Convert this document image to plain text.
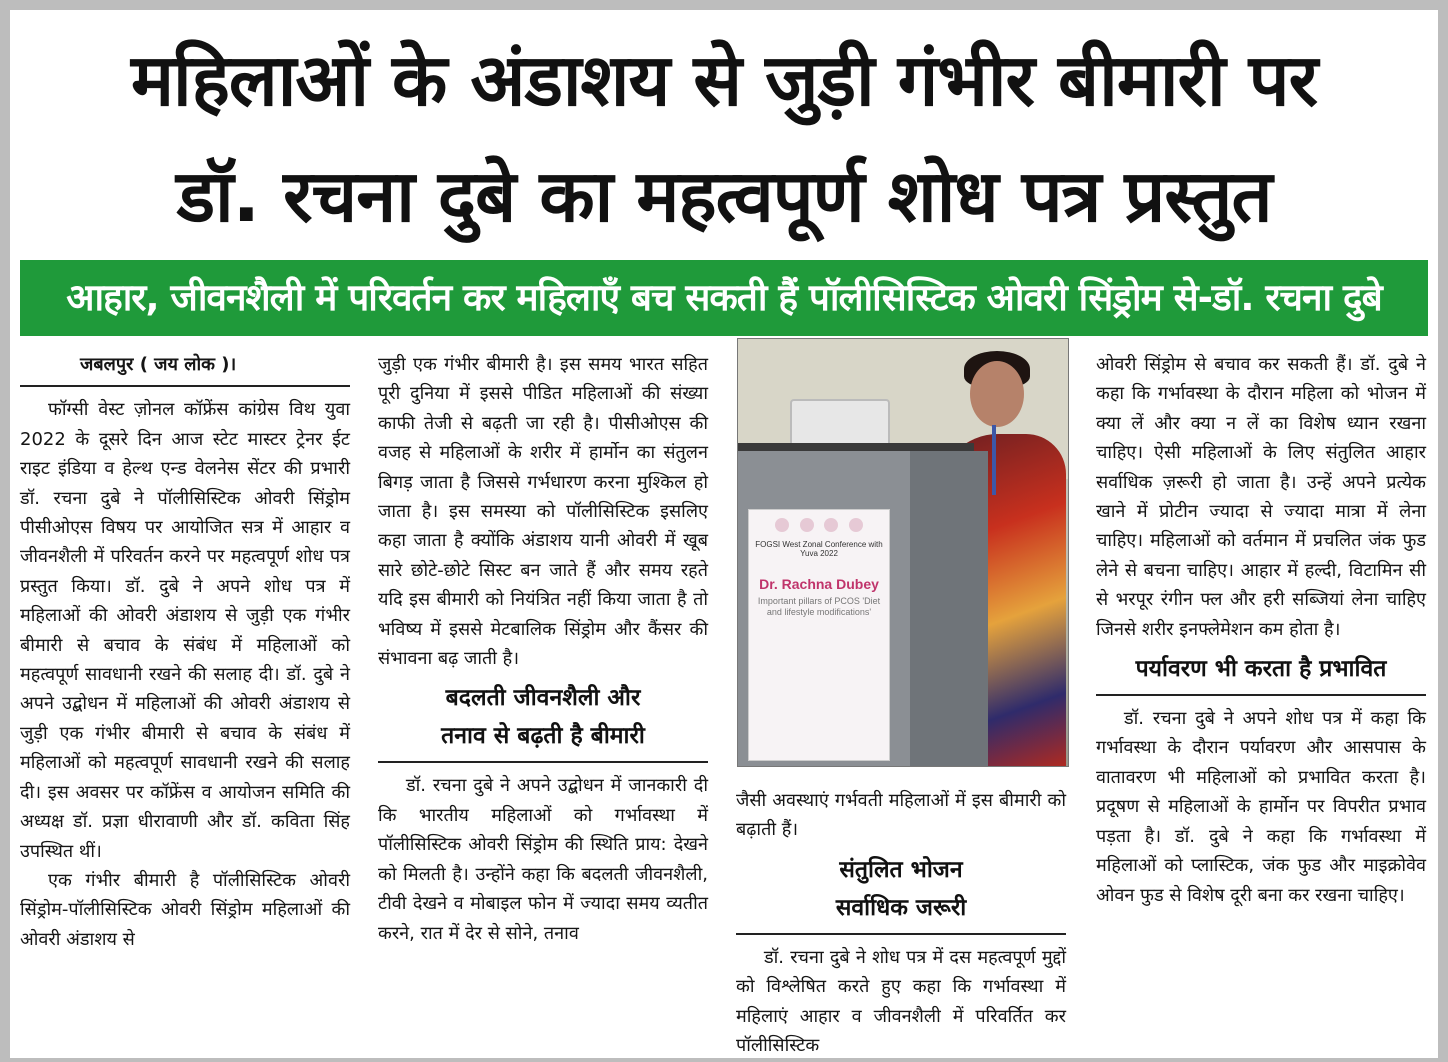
महिलाओं के अंडाशय से जुड़ी गंभीर बीमारी पर
डॉ. रचना दुबे का महत्वपूर्ण शोध पत्र प्रस्तुत
आहार, जीवनशैली में परिवर्तन कर महिलाएँ बच सकती हैं पॉलीसिस्टिक ओवरी सिंड्रोम से-डॉ. रचना दुबे
जबलपुर ( जय लोक )।

फॉग्सी वेस्ट ज़ोनल कॉफ्रेंस कांग्रेस विथ युवा 2022 के दूसरे दिन आज स्टेट मास्टर ट्रेनर ईट राइट इंडिया व हेल्थ एन्ड वेलनेस सेंटर की प्रभारी डॉ. रचना दुबे ने पॉलीसिस्टिक ओवरी सिंड्रोम पीसीओएस विषय पर आयोजित सत्र में आहार व जीवनशैली में परिवर्तन करने पर महत्वपूर्ण शोध पत्र प्रस्तुत किया। डॉ. दुबे ने अपने शोध पत्र में महिलाओं की ओवरी अंडाशय से जुड़ी एक गंभीर बीमारी से बचाव के संबंध में महिलाओं को महत्वपूर्ण सावधानी रखने की सलाह दी। डॉ. दुबे ने अपने उद्बोधन में महिलाओं की ओवरी अंडाशय से जुड़ी एक गंभीर बीमारी से बचाव के संबंध में महिलाओं को महत्वपूर्ण सावधानी रखने की सलाह दी। इस अवसर पर कॉफ्रेंस व आयोजन समिति की अध्यक्ष डॉ. प्रज्ञा धीरावाणी और डॉ. कविता सिंह उपस्थित थीं।

एक गंभीर बीमारी है पॉलीसिस्टिक ओवरी सिंड्रोम-पॉलीसिस्टिक ओवरी सिंड्रोम महिलाओं की ओवरी अंडाशय से

जुड़ी एक गंभीर बीमारी है। इस समय भारत सहित पूरी दुनिया में इससे पीडित महिलाओं की संख्या काफी तेजी से बढ़ती जा रही है। पीसीओएस की वजह से महिलाओं के शरीर में हार्मोन का संतुलन बिगड़ जाता है जिससे गर्भधारण करना मुश्किल हो जाता है। इस समस्या को पॉलीसिस्टिक इसलिए कहा जाता है क्योंकि अंडाशय यानी ओवरी में खूब सारे छोटे-छोटे सिस्ट बन जाते हैं और समय रहते यदि इस बीमारी को नियंत्रित नहीं किया जाता है तो भविष्य में इससे मेटबालिक सिंड्रोम और कैंसर की संभावना बढ़ जाती है।

बदलती जीवनशैली और
तनाव से बढ़ती है बीमारी

डॉ. रचना दुबे ने अपने उद्बोधन में जानकारी दी कि भारतीय महिलाओं को गर्भावस्था में पॉलीसिस्टिक ओवरी सिंड्रोम की स्थिति प्राय: देखने को मिलती है। उन्होंने कहा कि बदलती जीवनशैली, टीवी देखने व मोबाइल फोन में ज्यादा समय व्यतीत करने, रात में देर से सोने, तनाव

FOGSI West Zonal Conference with Yuva 2022
Dr. Rachna Dubey
Important pillars of PCOS 'Diet and lifestyle modifications'

जैसी अवस्थाएं गर्भवती महिलाओं में इस बीमारी को बढ़ाती हैं।

संतुलित भोजन
सर्वाधिक जरूरी

डॉ. रचना दुबे ने शोध पत्र में दस महत्वपूर्ण मुद्दों को विश्लेषित करते हुए कहा कि गर्भावस्था में महिलाएं आहार व जीवनशैली में परिवर्तित कर पॉलीसिस्टिक

ओवरी सिंड्रोम से बचाव कर सकती हैं। डॉ. दुबे ने कहा कि गर्भावस्था के दौरान महिला को भोजन में क्या लें और क्या न लें का विशेष ध्यान रखना चाहिए। ऐसी महिलाओं के लिए संतुलित आहार सर्वाधिक ज़रूरी हो जाता है। उन्हें अपने प्रत्येक खाने में प्रोटीन ज्यादा से ज्यादा मात्रा में लेना चाहिए। महिलाओं को वर्तमान में प्रचलित जंक फुड लेने से बचना चाहिए। आहार में हल्दी, विटामिन सी से भरपूर रंगीन फ्ल और हरी सब्जियां लेना चाहिए जिनसे शरीर इनफ्लेमेशन कम होता है।

पर्यावरण भी करता है प्रभावित

डॉ. रचना दुबे ने अपने शोध पत्र में कहा कि गर्भावस्था के दौरान पर्यावरण और आसपास के वातावरण भी महिलाओं को प्रभावित करता है। प्रदूषण से महिलाओं के हार्मोन पर विपरीत प्रभाव पड़ता है। डॉ. दुबे ने कहा कि गर्भावस्था में महिलाओं को प्लास्टिक, जंक फुड और माइक्रोवेव ओवन फुड से विशेष दूरी बना कर रखना चाहिए।
